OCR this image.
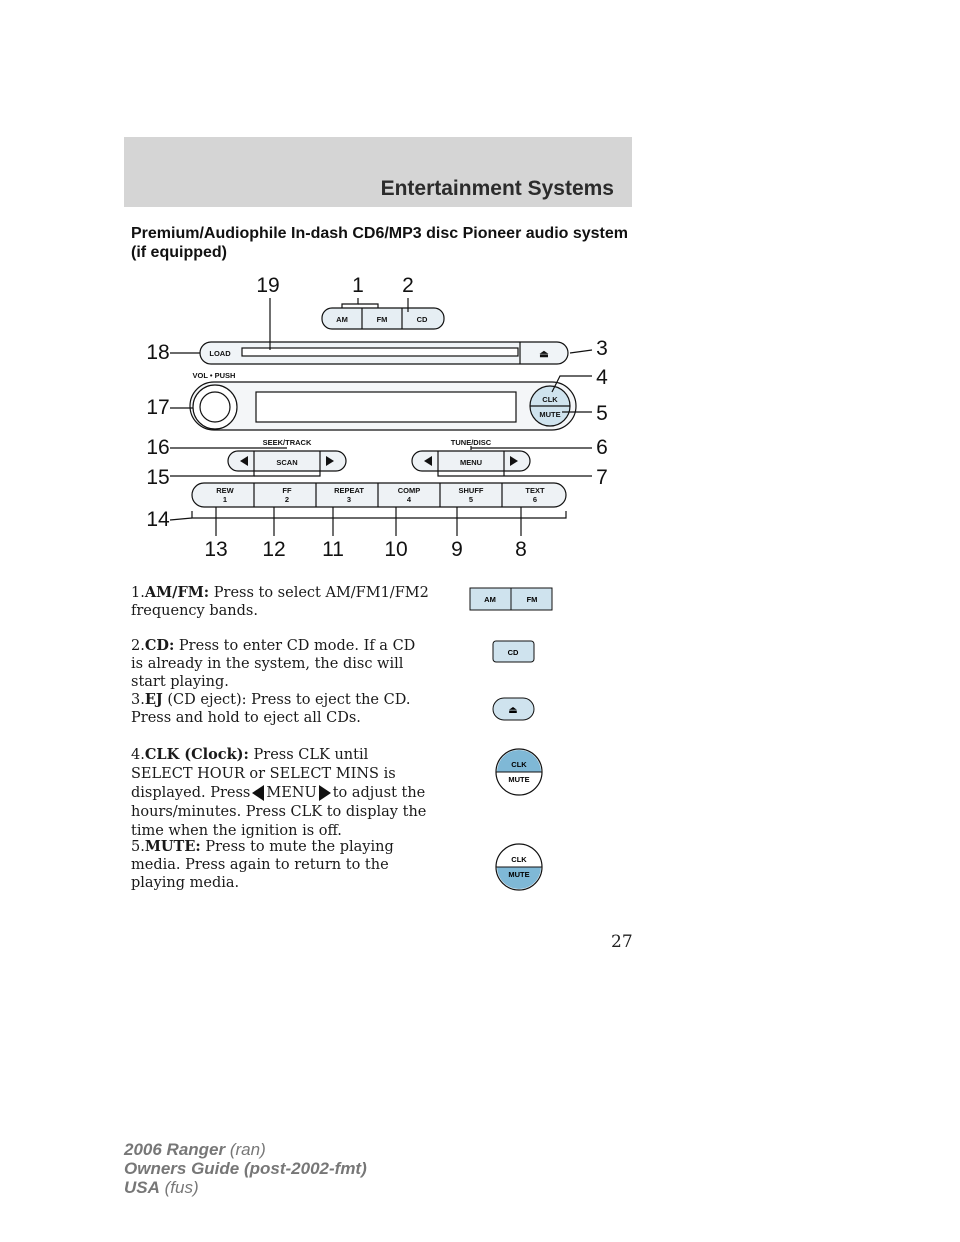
Entertainment Systems
Premium/Audiophile In-dash CD6/MP3 disc Pioneer audio system (if equipped)
AM	FM	CD
LOAD	⏏
VOL • PUSH
CLK
MUTE
SEEK/TRACK
SCAN
TUNE/DISC
MENU
REW
1
FF
2
REPEAT
3
COMP
4
SHUFF
5
TEXT
6
19	1 2
3
4
5
6
7
18
17
16
15
14
13 12 11 10 9 8
1.AM/FM: Press to select AM/FM1/FM2 frequency bands.
2.CD: Press to enter CD mode. If a CD is already in the system, the disc will start playing.
3.EJ (CD eject): Press to eject the CD. Press and hold to eject all CDs.
4.CLK (Clock): Press CLK until SELECT HOUR or SELECT MINS is displayed. Press MENU to adjust the hours/minutes. Press CLK to display the time when the ignition is off.
5.MUTE: Press to mute the playing media. Press again to return to the playing media.
AM	FM
CD
⏏
CLK
MUTE
CLK
MUTE
27
2006 Ranger (ran)
Owners Guide (post-2002-fmt)
USA (fus)
